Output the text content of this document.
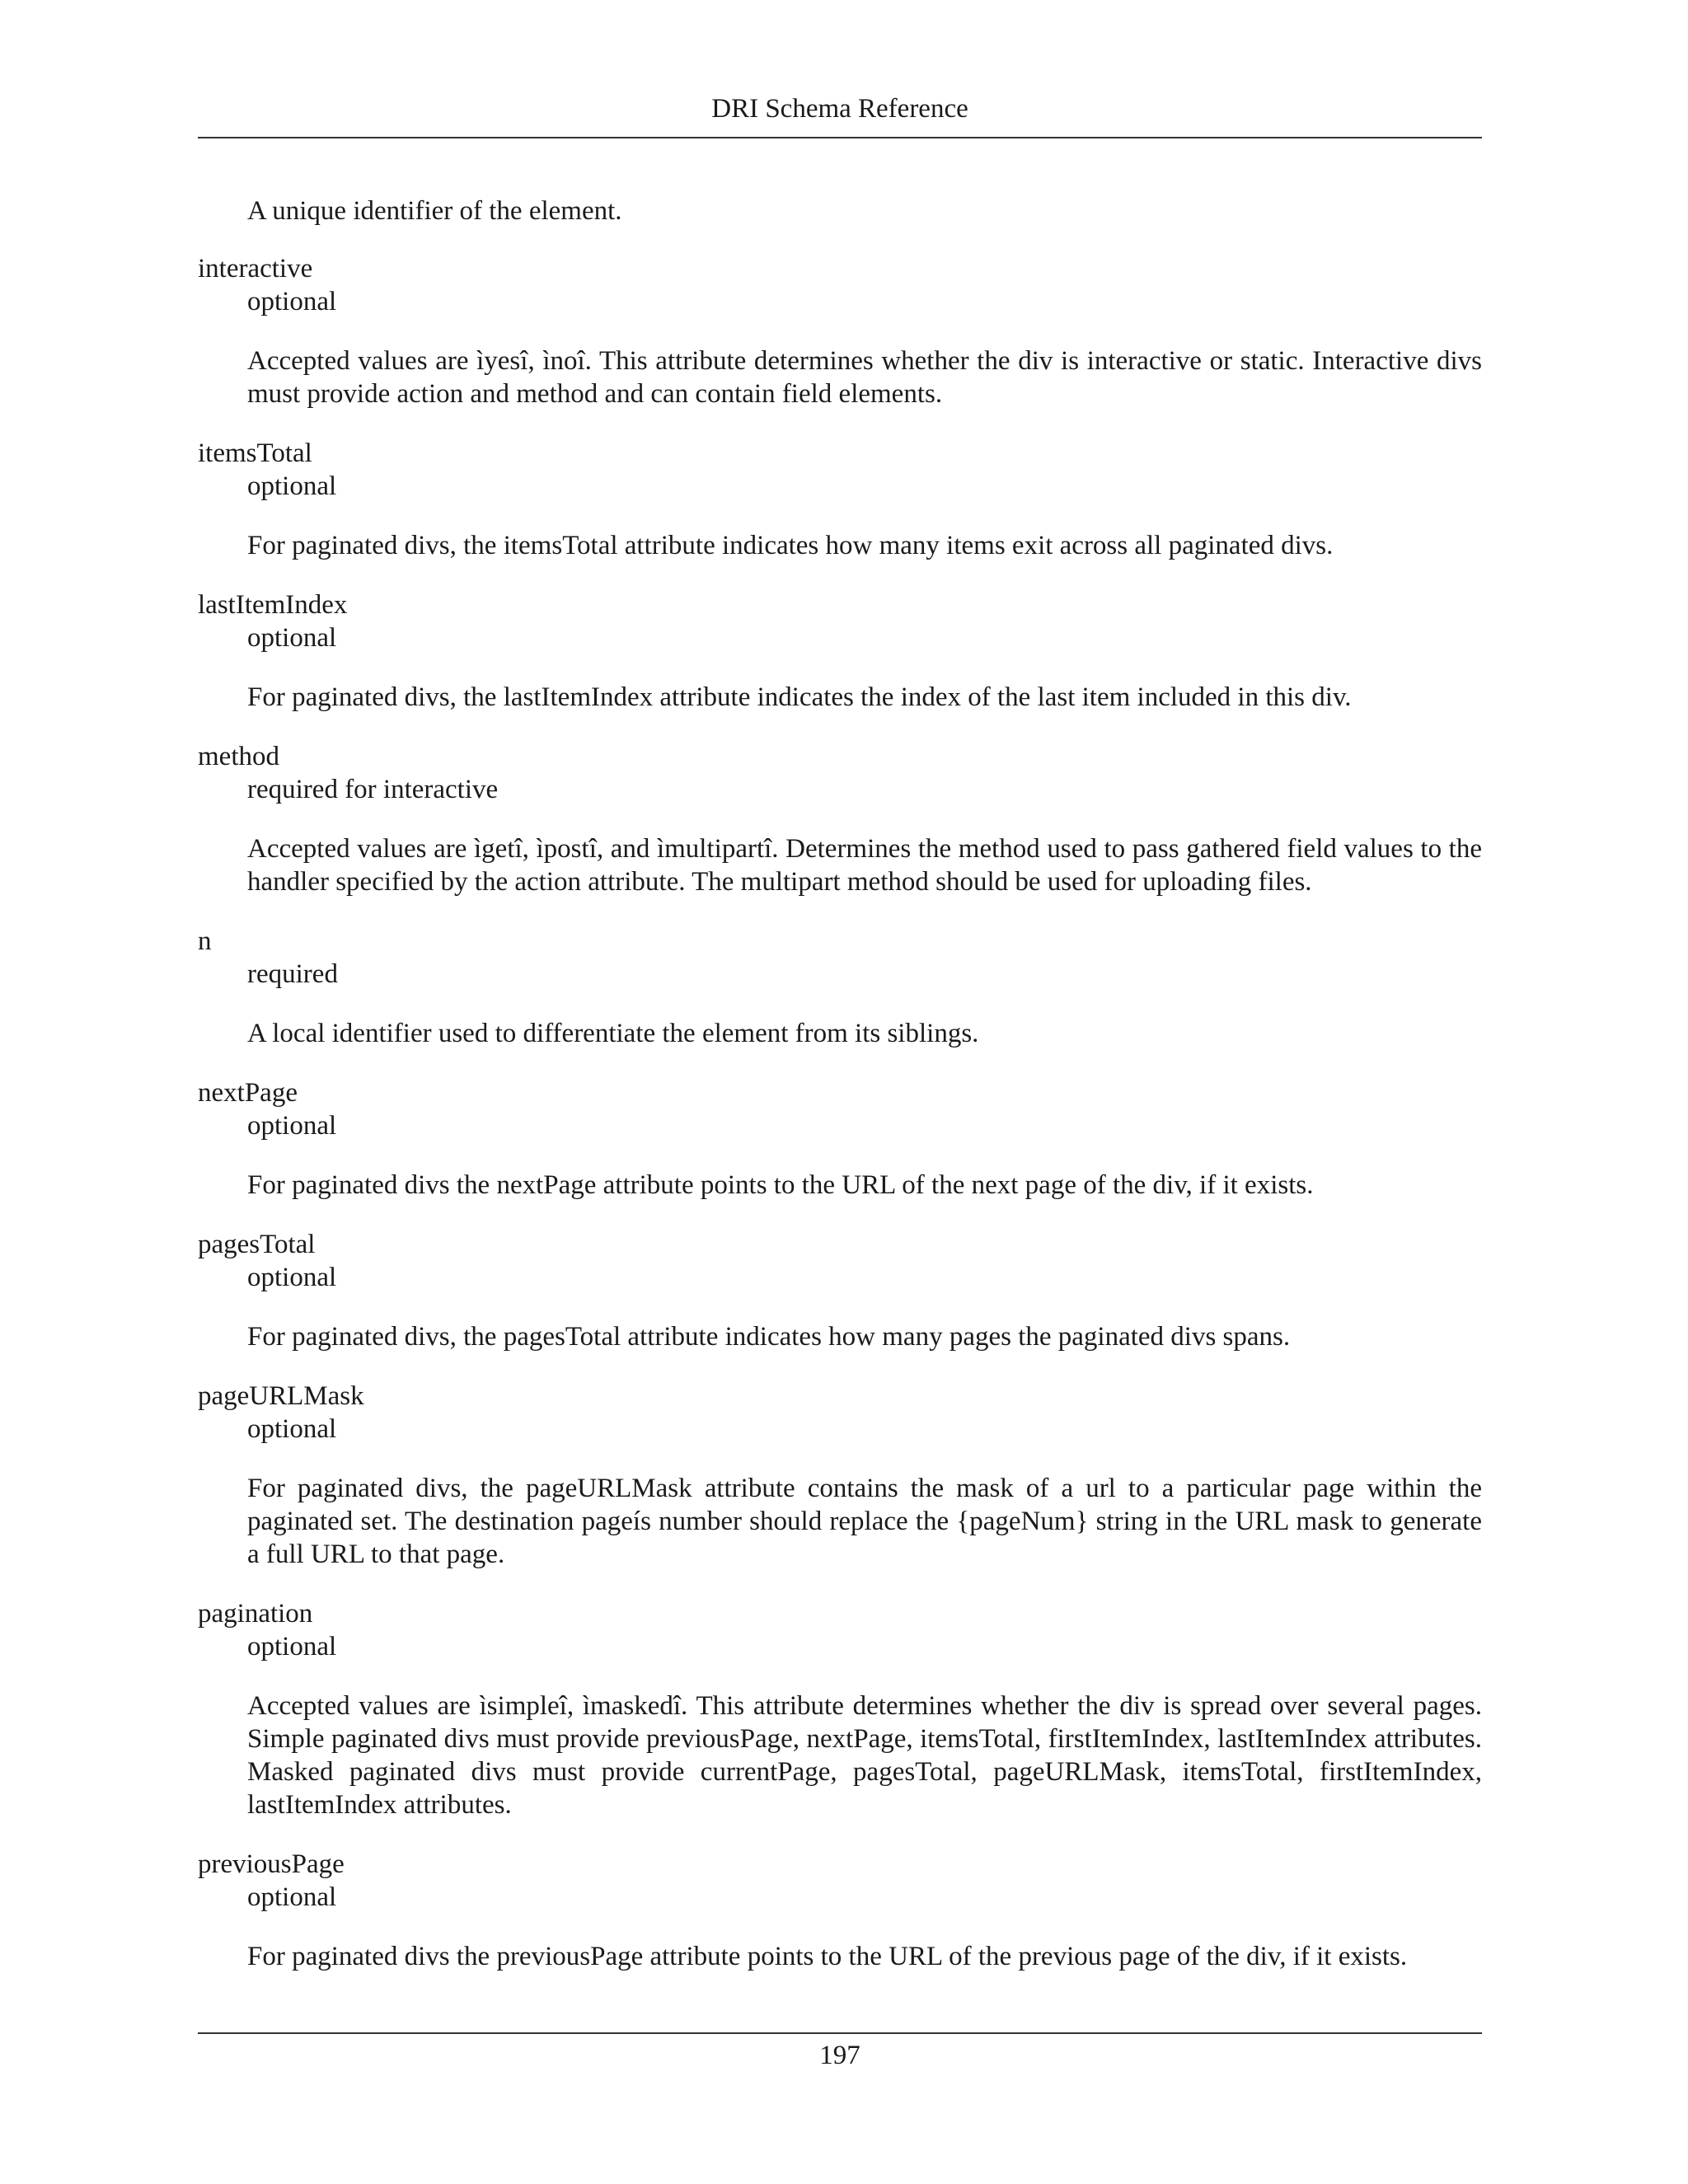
DRI Schema Reference

A unique identifier of the element.

interactive

optional

Accepted values are ìyesî, ìnoî. This attribute determines whether the div is interactive or static. Interactive divs must provide action and method and can contain field elements.

itemsTotal

optional

For paginated divs, the itemsTotal attribute indicates how many items exit across all paginated divs.

lastItemIndex

optional

For paginated divs, the lastItemIndex attribute indicates the index of the last item included in this div.

method

required for interactive

Accepted values are ìgetî, ìpostî, and ìmultipartî. Determines the method used to pass gathered field values to the handler specified by the action attribute. The multipart method should be used for uploading files.

n

required

A local identifier used to differentiate the element from its siblings.

nextPage

optional

For paginated divs the nextPage attribute points to the URL of the next page of the div, if it exists.

pagesTotal

optional

For paginated divs, the pagesTotal attribute indicates how many pages the paginated divs spans.

pageURLMask

optional

For paginated divs, the pageURLMask attribute contains the mask of a url to a particular page within the paginated set. The destination pageís number should replace the {pageNum} string in the URL mask to generate a full URL to that page.

pagination

optional

Accepted values are ìsimpleî, ìmaskedî. This attribute determines whether the div is spread over several pages. Simple paginated divs must provide previousPage, nextPage, itemsTotal, firstItemIndex, lastItemIndex attributes. Masked paginated divs must provide currentPage, pagesTotal, pageURLMask, itemsTotal, firstItemIndex, lastItemIndex attributes.

previousPage

optional

For paginated divs the previousPage attribute points to the URL of the previous page of the div, if it exists.

197
